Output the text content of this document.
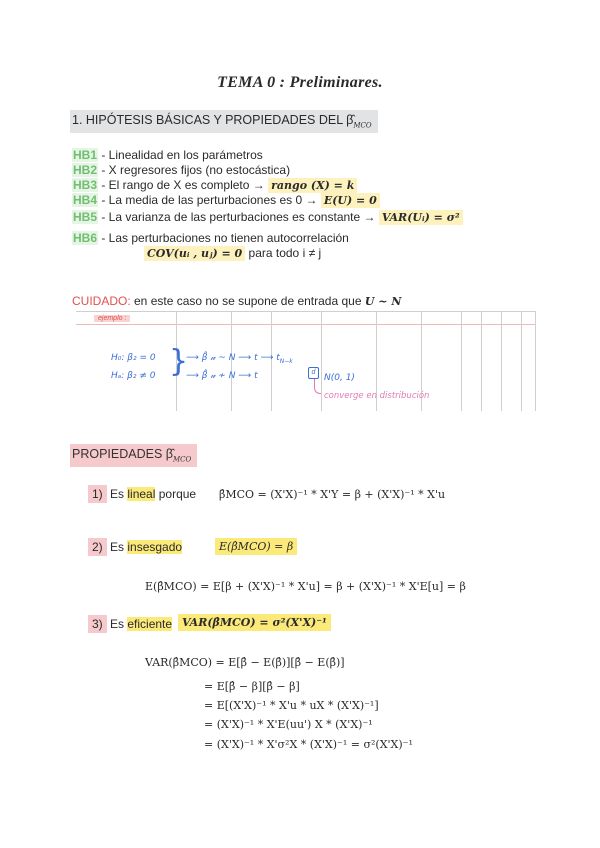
TEMA 0 : Preliminares.
1. HIPÓTESIS BÁSICAS Y PROPIEDADES DEL $\betâ_{MCO}$
HB1 - Linealidad en los parámetros
HB2 - X regresores fijos (no estocástica)
HB3 - El rango de X es completo → rango (X) = k
HB4 - La media de las perturbaciones es 0 → E(U) = 0
HB5 - La varianza de las perturbaciones es constante → VAR(Uᵢ) = σ²
HB6 - Las perturbaciones no tienen autocorrelación
COV(uᵢ , uⱼ) = 0 para todo i ≠ j
CUIDADO: en este caso no se supone de entrada que U ~ N
ejemplo :
H₀: β₂ = 0
Hₐ: β₂ ≠ 0 }
⟶ β̂ 𝓊 ~ N ⟶ t ⟶ $t_{N-k}$
⟶ β̂ 𝓊 ≁ N ⟶ t	d
N(0, 1)
converge en distribución
PROPIEDADES $\betâ_{MCO}$
1) Es lineal porque β̂MCO = (X'X)⁻¹ * X'Y = β + (X'X)⁻¹ * X'u
2) Es insesgado	E(β̂MCO) = β
E(β̂MCO) = E[β + (X'X)⁻¹ * X'u] = β + (X'X)⁻¹ * X'E[u] = β
3) Es eficiente VAR(β̂MCO) = σ²(X'X)⁻¹
VAR(β̂MCO) = E[β̂ − E(β̂)][β̂ − E(β̂)]
= E[β̂ − β][β̂ − β]
= E[(X'X)⁻¹ * X'u * uX * (X'X)⁻¹]
= (X'X)⁻¹ * X'E(uu') X * (X'X)⁻¹
= (X'X)⁻¹ * X'σ²X * (X'X)⁻¹ = σ²(X'X)⁻¹
